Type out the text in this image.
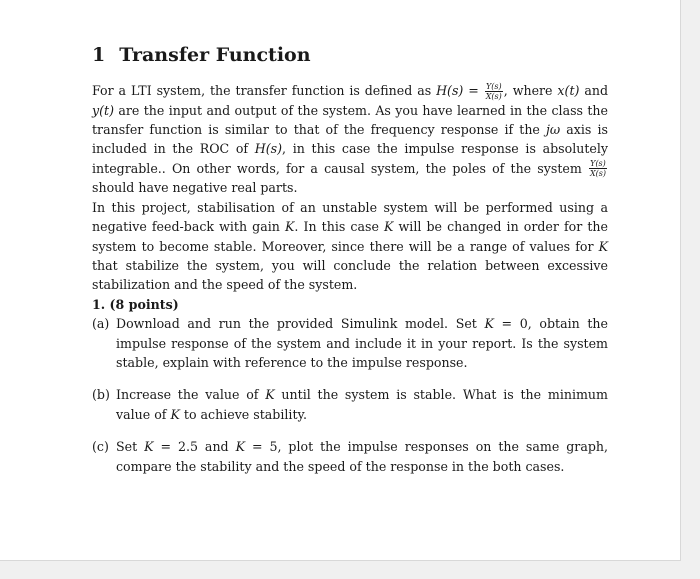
1 Transfer Function

For a LTI system, the transfer function is defined as $H(s) = \frac{Y(s)}{X(s)}$ , where x(t) and y(t) are the input and output of the system. As you have learned in the class the transfer function is similar to that of the frequency response if the jω axis is included in the ROC of H(s), in this case the impulse response is absolutely integrable.. On other words, for a causal system, the poles of the system $\frac{Y(s)}{X(s)}$
should have negative real parts.

In this project, stabilisation of an unstable system will be performed using a negative feed-back with gain K. In this case K will be changed in order for the system to become stable. Moreover, since there will be a range of values for K that stabilize the system, you will conclude the relation between excessive stabilization and the speed of the system.

1. (8 points)

(a) Download and run the provided Simulink model. Set K = 0, obtain the impulse response of the system and include it in your report. Is the system stable, explain with reference to the impulse response.
(b) Increase the value of K until the system is stable. What is the minimum value of K to achieve stability.
(c) Set K = 2.5 and K = 5, plot the impulse responses on the same graph, compare the stability and the speed of the response in the both cases.
